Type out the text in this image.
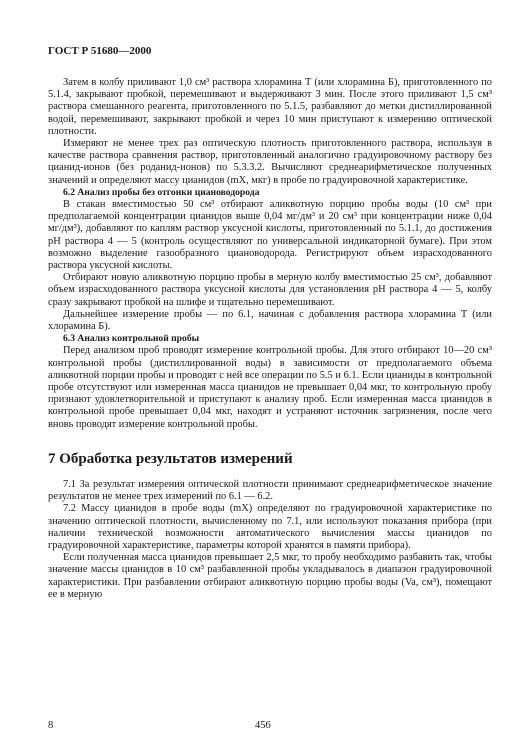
ГОСТ Р 51680—2000

Затем в колбу приливают 1,0 см³ раствора хлорамина Т (или хлорамина Б), приготовленного по 5.1.4, закрывают пробкой, перемешивают и выдерживают 3 мин. После этого приливают 1,5 см³ раствора смешанного реагента, приготовленного по 5.1.5, разбавляют до метки дистиллированной водой, перемешивают, закрывают пробкой и через 10 мин приступают к измерению оптической плотности.

Измеряют не менее трех раз оптическую плотность приготовленного раствора, используя в качестве раствора сравнения раствор, приготовленный аналогично градуировочному раствору без цианид-ионов (без роданид-ионов) по 5.3.3.2. Вычисляют среднеарифметическое полученных значений и определяют массу цианидов (mX, мкг) в пробе по градуировочной характеристике.

6.2 Анализ пробы без отгонки циановодорода

В стакан вместимостью 50 см³ отбирают аликвотную порцию пробы воды (10 см³ при предполагаемой концентрации цианидов выше 0,04 мг/дм³ и 20 см³ при концентрации ниже 0,04 мг/дм³), добавляют по каплям раствор уксусной кислоты, приготовленный по 5.1.1, до достижения pH раствора 4 — 5 (контроль осуществляют по универсальной индикаторной бумаге). При этом возможно выделение газообразного циановодорода. Регистрируют объем израсходованного раствора уксусной кислоты.

Отбирают новую аликвотную порцию пробы в мерную колбу вместимостью 25 см³, добавляют объем израсходованного раствора уксусной кислоты для установления pH раствора 4 — 5, колбу сразу закрывают пробкой на шлифе и тщательно перемешивают.

Дальнейшее измерение пробы — по 6.1, начиная с добавления раствора хлорамина Т (или хлорамина Б).

6.3 Анализ контрольной пробы

Перед анализом проб проводят измерение контрольной пробы. Для этого отбирают 10—20 см³ контрольной пробы (дистиллированной воды) в зависимости от предполагаемого объема аликвотной порции пробы и проводят с ней все операции по 5.5 и 6.1. Если цианиды в контрольной пробе отсутствуют или измеренная масса цианидов не превышает 0,04 мкг, то контрольную пробу признают удовлетворительной и приступают к анализу проб. Если измеренная масса цианидов в контрольной пробе превышает 0,04 мкг, находят и устраняют источник загрязнения, после чего вновь проводят измерение контрольной пробы.

7 Обработка результатов измерений

7.1 За результат измерения оптической плотности принимают среднеарифметическое значение результатов не менее трех измерений по 6.1 — 6.2.

7.2 Массу цианидов в пробе воды (mX) определяют по градуировочной характеристике по значению оптической плотности, вычисленному по 7.1, или используют показания прибора (при наличии технической возможности автоматического вычисления массы цианидов по градуировочной характеристике, параметры которой хранятся в памяти прибора).

Если полученная масса цианидов превышает 2,5 мкг, то пробу необходимо разбавить так, чтобы значение массы цианидов в 10 см³ разбавленной пробы укладывалось в диапазон градуировочной характеристики. При разбавлении отбирают аликвотную порцию пробы воды (Va, см³), помещают ее в мерную

8	456
